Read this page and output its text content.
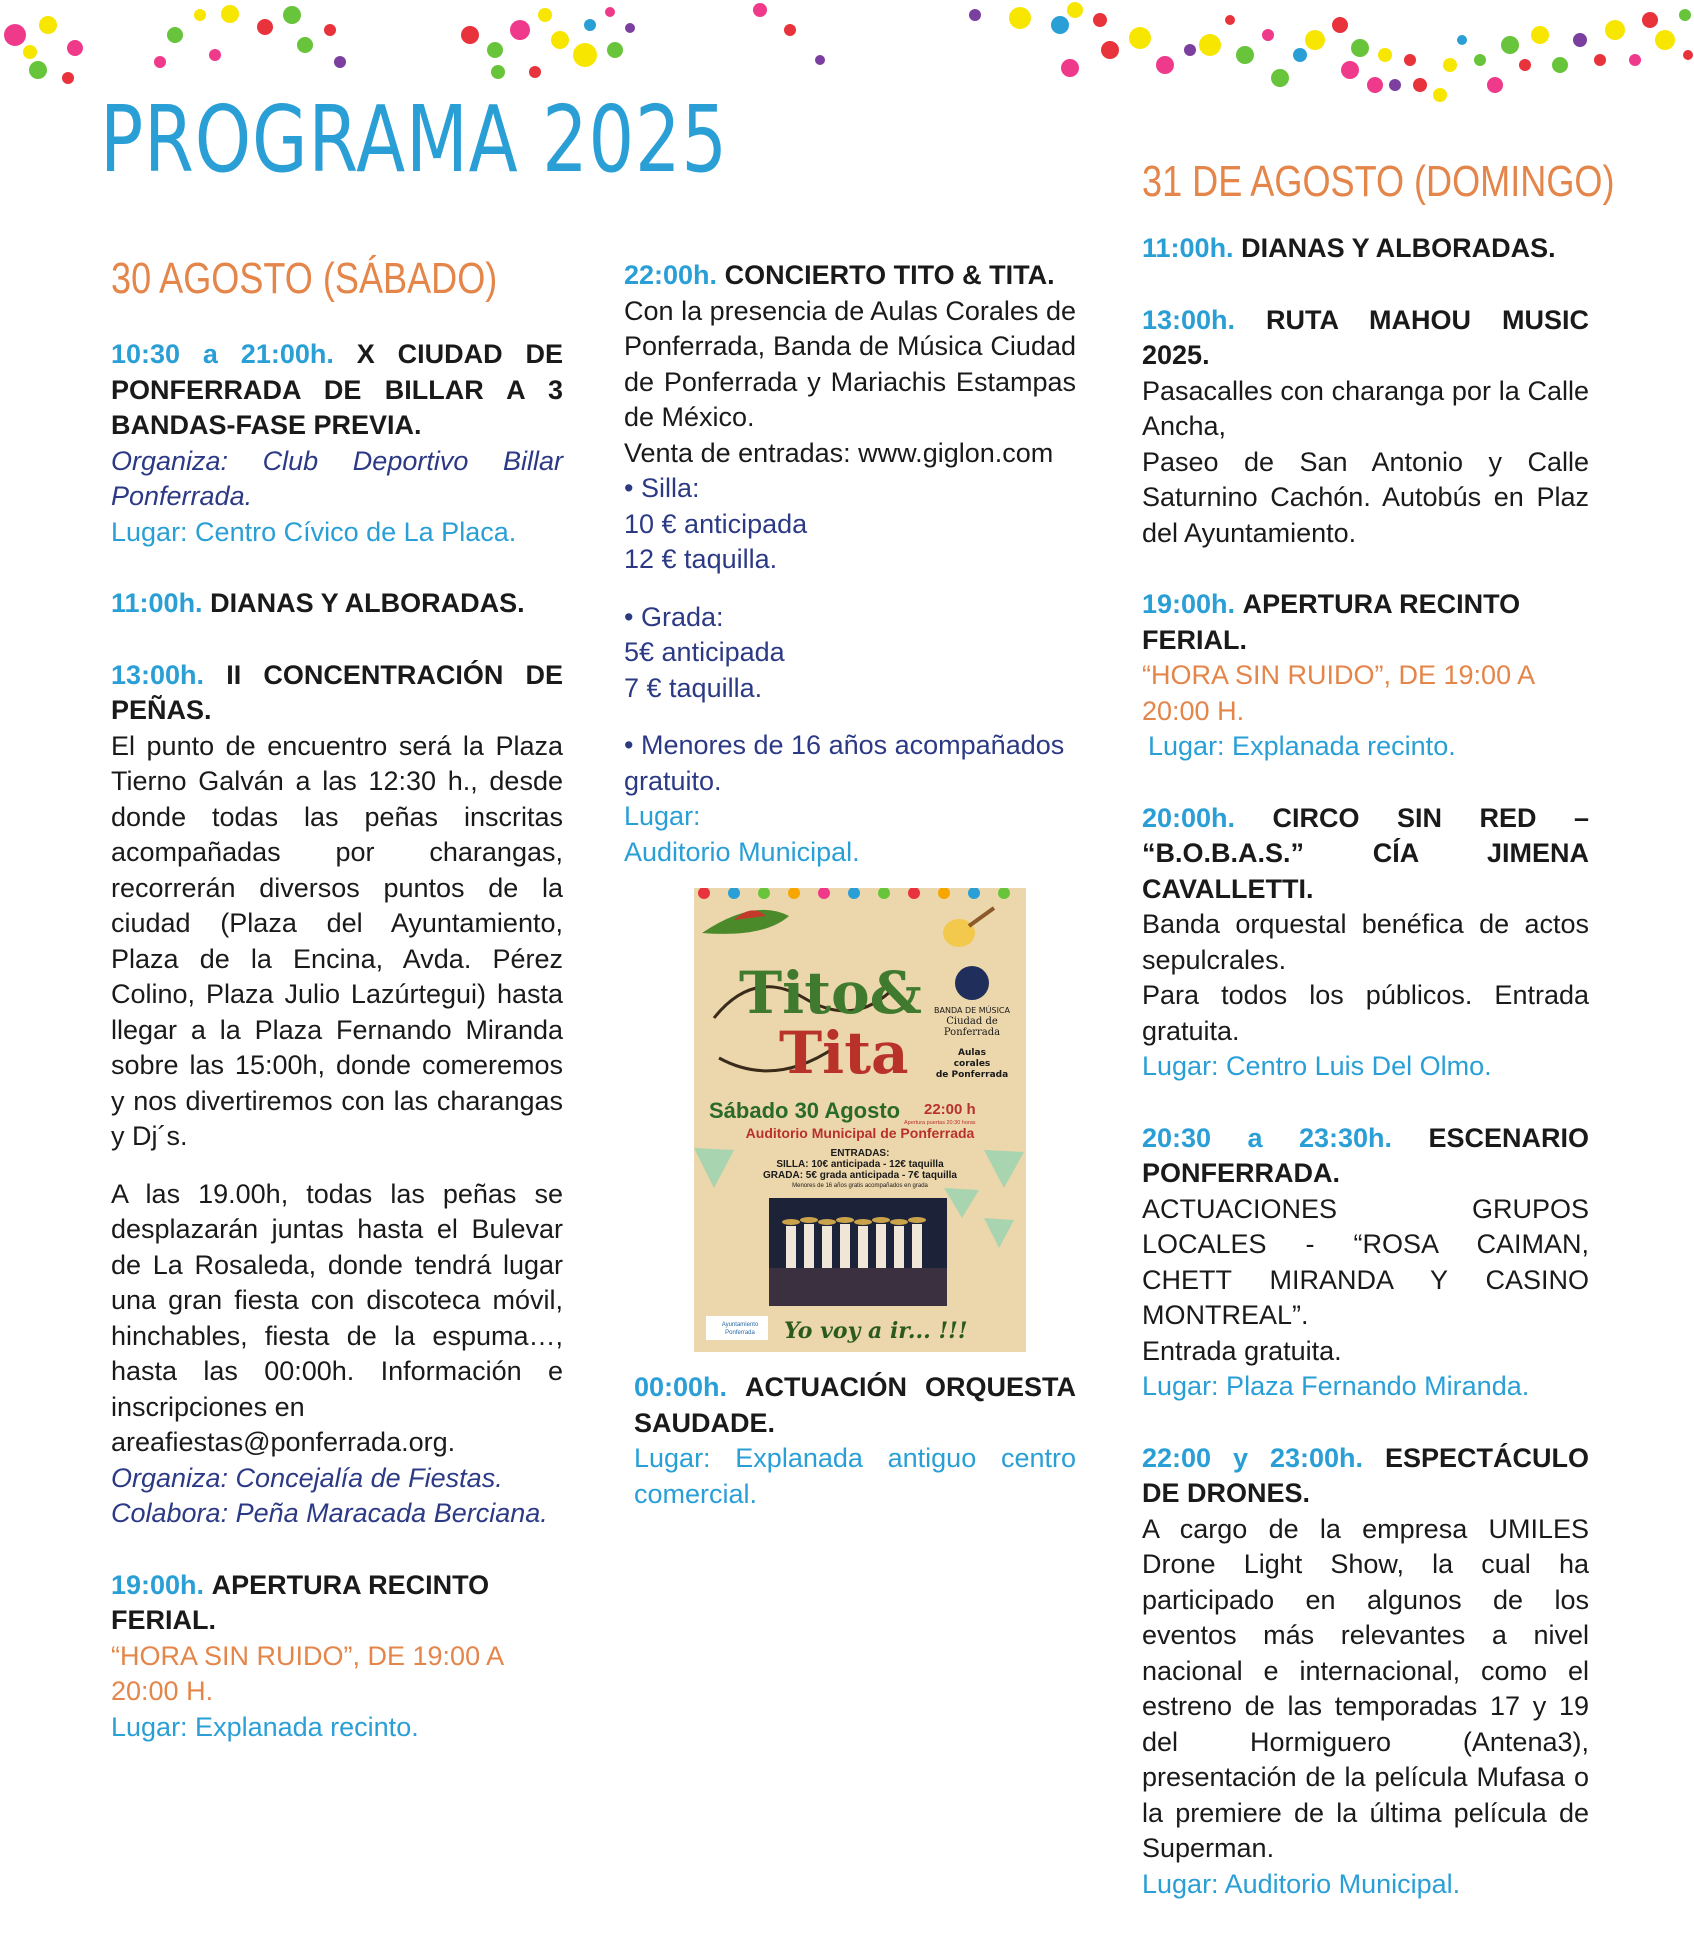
PROGRAMA 2025
30 AGOSTO (SÁBADO)

10:30 a 21:00h. X CIUDAD DE PONFERRADA DE BILLAR A 3 BANDAS-FASE PREVIA.

Organiza: Club Deportivo Billar Ponferrada.

Lugar: Centro Cívico de La Placa.

11:00h. DIANAS Y ALBORADAS.

13:00h. II CONCENTRACIÓN DE PEÑAS.

El punto de encuentro será la Plaza Tierno Galván a las 12:30 h., desde donde todas las peñas inscritas acompañadas por charangas, recorrerán diversos puntos de la ciudad (Plaza del Ayuntamiento, Plaza de la Encina, Avda. Pérez Colino, Plaza Julio Lazúrtegui) hasta llegar a la Plaza Fernando Miranda sobre las 15:00h, donde comeremos y nos divertiremos con las charangas y Dj´s.

A las 19.00h, todas las peñas se desplazarán juntas hasta el Bulevar de La Rosaleda, donde tendrá lugar una gran fiesta con discoteca móvil, hinchables, fiesta de la espuma…, hasta las 00:00h. Información e inscripciones en

areafiestas@ponferrada.org.

Organiza: Concejalía de Fiestas.

Colabora: Peña Maracada Berciana.

19:00h. APERTURA RECINTO FERIAL.

“HORA SIN RUIDO”, DE 19:00 A 20:00 H.

Lugar: Explanada recinto.

22:00h. CONCIERTO TITO & TITA.

Con la presencia de Aulas Corales de Ponferrada, Banda de Música Ciudad de Ponferrada y Mariachis Estampas de México.

Venta de entradas: www.giglon.com

• Silla:

10 € anticipada

12 € taquilla.

• Grada:

5€ anticipada

7 € taquilla.

• Menores de 16 años acompañados gratuito.

Lugar:

Auditorio Municipal.

Tito&
Tita
BANDA DE MÚSICA
Ciudad de
Ponferrada
Aulas
corales
de Ponferrada
Sábado 30 Agosto 22:00 h
Apertura puertas 20:30 horas
Auditorio Municipal de Ponferrada
ENTRADAS:
SILLA: 10€ anticipada - 12€ taquilla
GRADA: 5€ grada anticipada - 7€ taquilla
Menores de 16 años gratis acompañados en grada
Yo voy a ir... !!!
Ayuntamiento
Ponferrada

00:00h. ACTUACIÓN ORQUESTA SAUDADE.

Lugar: Explanada antiguo centro comercial.

31 DE AGOSTO (DOMINGO)

11:00h. DIANAS Y ALBORADAS.

13:00h. RUTA MAHOU MUSIC 2025.

Pasacalles con charanga por la Calle Ancha,

Paseo de San Antonio y Calle Saturnino Cachón. Autobús en Plaz del Ayuntamiento.

19:00h. APERTURA RECINTO FERIAL.

“HORA SIN RUIDO”, DE 19:00 A 20:00 H.

Lugar: Explanada recinto.

20:00h. CIRCO SIN RED – “B.O.B.A.S.” CÍA JIMENA CAVALLETTI.

Banda orquestal benéfica de actos sepulcrales.

Para todos los públicos. Entrada gratuita.

Lugar: Centro Luis Del Olmo.

20:30 a 23:30h. ESCENARIO PONFERRADA.

ACTUACIONES GRUPOS LOCALES - “ROSA CAIMAN, CHETT MIRANDA Y CASINO MONTREAL”.

Entrada gratuita.

Lugar: Plaza Fernando Miranda.

22:00 y 23:00h. ESPECTÁCULO DE DRONES.

A cargo de la empresa UMILES Drone Light Show, la cual ha participado en algunos de los eventos más relevantes a nivel nacional e internacional, como el estreno de las temporadas 17 y 19 del Hormiguero (Antena3), presentación de la película Mufasa o la premiere de la última película de Superman.

Lugar: Auditorio Municipal.
